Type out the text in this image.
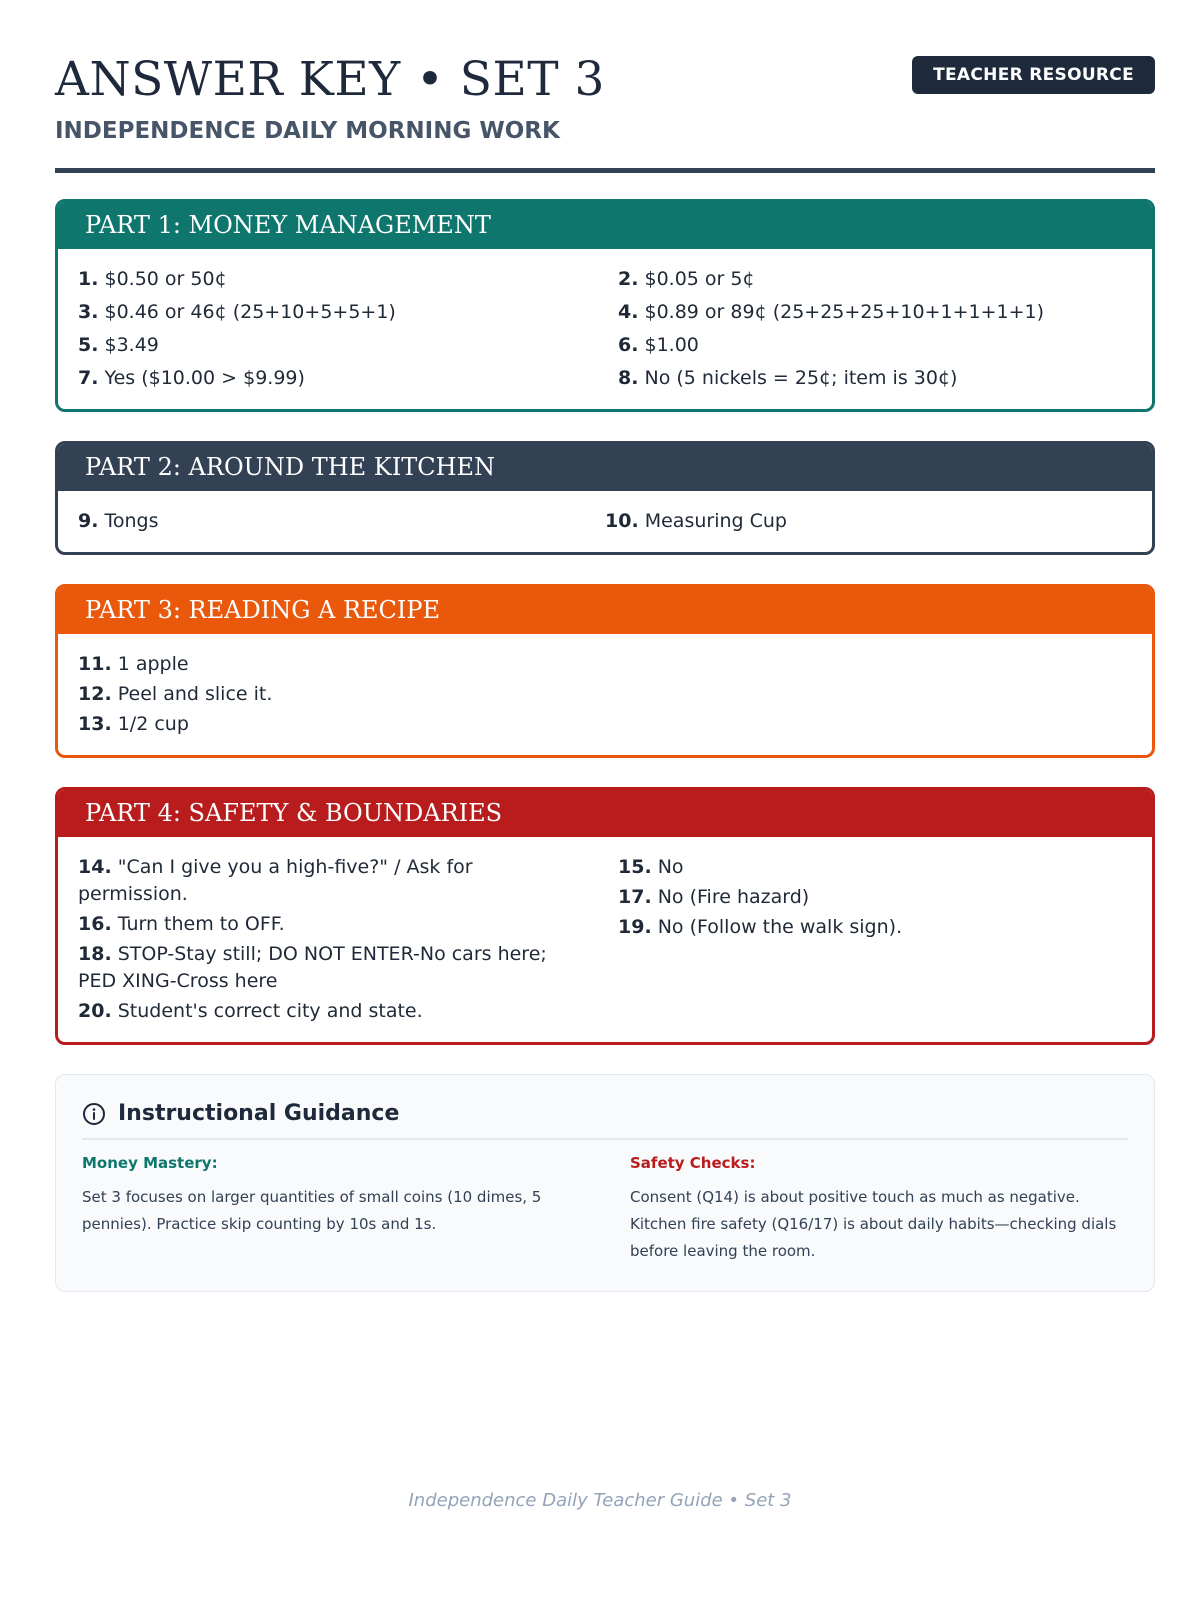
ANSWER KEY • SET 3
INDEPENDENCE DAILY MORNING WORK
TEACHER RESOURCE
PART 1: MONEY MANAGEMENT
1. $0.50 or 50¢	2. $0.05 or 5¢
3. $0.46 or 46¢ (25+10+5+5+1)	4. $0.89 or 89¢ (25+25+25+10+1+1+1+1)
5. $3.49	6. $1.00
7. Yes ($10.00 > $9.99)	8. No (5 nickels = 25¢; item is 30¢)
PART 2: AROUND THE KITCHEN
9. Tongs	10. Measuring Cup
PART 3: READING A RECIPE
11. 1 apple
12. Peel and slice it.
13. 1/2 cup
PART 4: SAFETY & BOUNDARIES
14. "Can I give you a high-five?" / Ask for permission.
16. Turn them to OFF.
18. STOP-Stay still; DO NOT ENTER-No cars here; PED XING-Cross here
20. Student's correct city and state.
15. No
17. No (Fire hazard)
19. No (Follow the walk sign).
Instructional Guidance
Money Mastery:
Set 3 focuses on larger quantities of small coins (10 dimes, 5 pennies). Practice skip counting by 10s and 1s.
Safety Checks:
Consent (Q14) is about positive touch as much as negative. Kitchen fire safety (Q16/17) is about daily habits—checking dials before leaving the room.
Independence Daily Teacher Guide • Set 3
